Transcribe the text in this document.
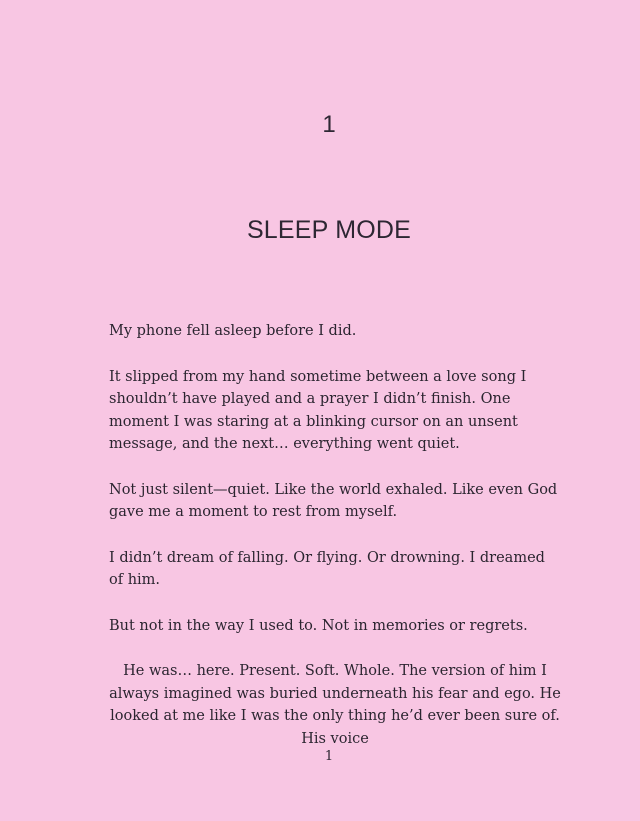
1
SLEEP MODE

My phone fell asleep before I did.

It slipped from my hand sometime between a love song I shouldn’t have played and a prayer I didn’t finish. One moment I was staring at a blinking cursor on an unsent message, and the next… everything went quiet.

Not just silent—quiet. Like the world exhaled. Like even God gave me a moment to rest from myself.

I didn’t dream of falling. Or flying. Or drowning. I dreamed of him.

But not in the way I used to. Not in memories or regrets.

He was… here. Present. Soft. Whole. The version of him I always imagined was buried underneath his fear and ego. He looked at me like I was the only thing he’d ever been sure of. His voice

1
